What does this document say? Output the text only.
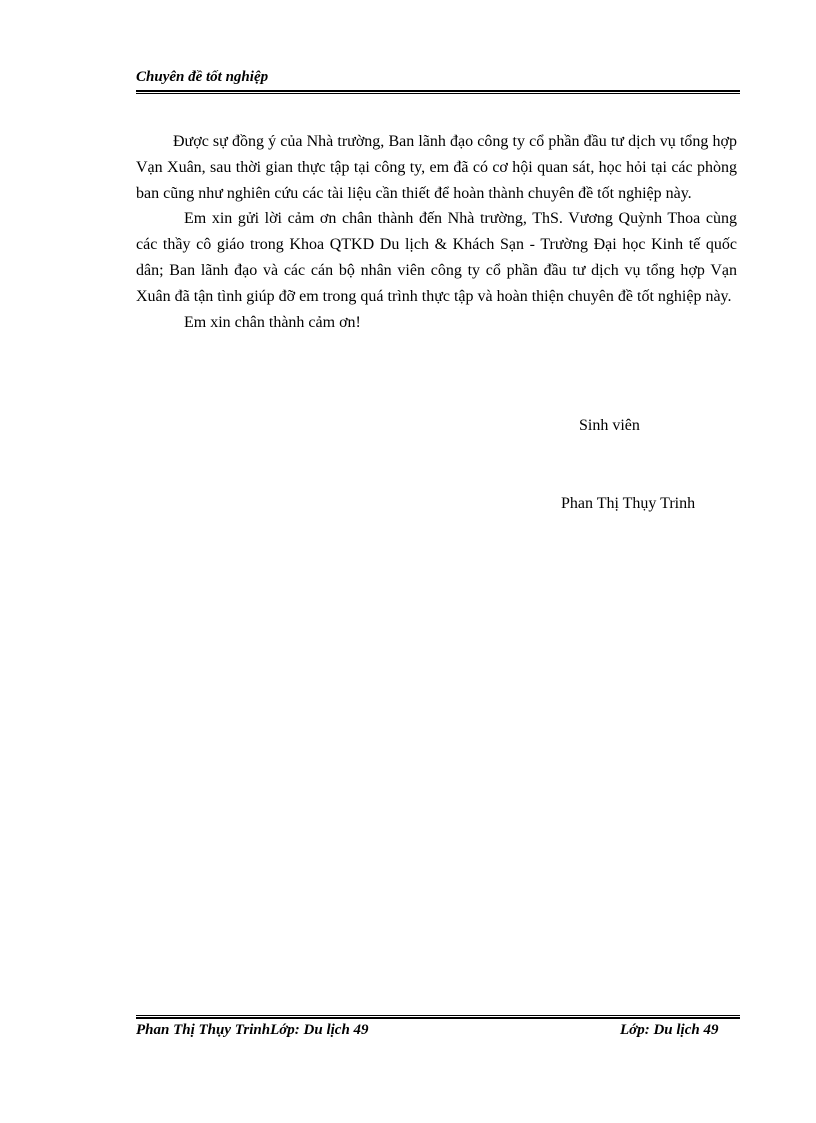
Chuyên đề tốt nghiệp

Được sự đồng ý của Nhà trường, Ban lãnh đạo công ty cổ phần đầu tư dịch vụ tổng hợp Vạn Xuân, sau thời gian thực tập tại công ty, em đã có cơ hội quan sát, học hỏi tại các phòng ban cũng như nghiên cứu các tài liệu cần thiết để hoàn thành chuyên đề tốt nghiệp này.

Em xin gửi lời cảm ơn chân thành đến Nhà trường, ThS. Vương Quỳnh Thoa cùng các thầy cô giáo trong Khoa QTKD Du lịch & Khách Sạn - Trường Đại học Kinh tế quốc dân; Ban lãnh đạo và các cán bộ nhân viên công ty cổ phần đầu tư dịch vụ tổng hợp Vạn Xuân đã tận tình giúp đỡ em trong quá trình thực tập và hoàn thiện chuyên đề tốt nghiệp này.

Em xin chân thành cảm ơn!

Sinh viên
Phan Thị Thụy Trinh
Phan Thị Thụy TrinhLớp: Du lịch 49	Lớp: Du lịch 49
